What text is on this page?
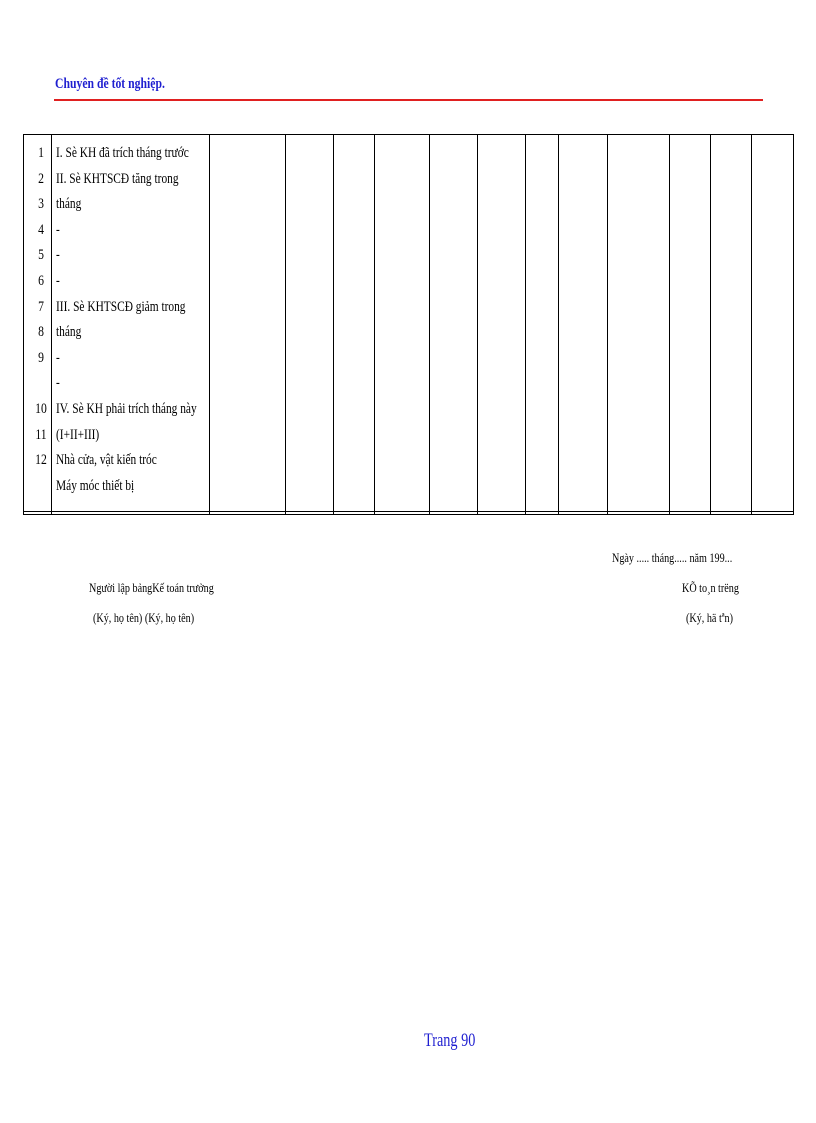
Chuyên đề tốt nghiệp.
1
2
3
4
5
6
7
8
9
10
11
12
I. Sè KH đã trích tháng trước
II. Sè KHTSCĐ tăng trong
tháng
-
-
-
III. Sè KHTSCĐ giảm trong
tháng
-
-
IV. Sè KH phải trích tháng này
(I+II+III)
Nhà cửa, vật kiến tróc
Máy móc thiết bị
Ngày ..... tháng..... năm 199...
Người lập bảngKế toán trưởng	KÕ to¸n trëng
(Ký, họ tên) (Ký, họ tên)	(Ký, hä tªn)
Trang 90
